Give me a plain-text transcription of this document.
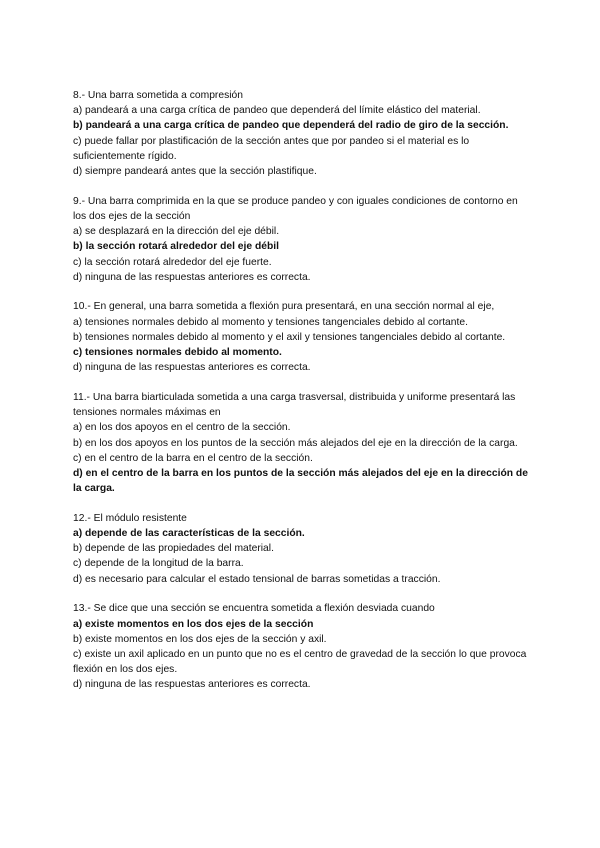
8.- Una barra sometida a compresión
a) pandeará a una carga crítica de pandeo que dependerá del límite elástico del material.
b) pandeará a una carga crítica de pandeo que dependerá del radio de giro de la sección.
c) puede fallar por plastificación de la sección antes que por pandeo si el material es lo suficientemente rígido.
d) siempre pandeará antes que la sección plastifique.
9.- Una barra comprimida en la que se produce pandeo y con iguales condiciones de contorno en los dos ejes de la sección
a) se desplazará en la dirección del eje débil.
b) la sección rotará alrededor del eje débil
c) la sección rotará alrededor del eje fuerte.
d) ninguna de las respuestas anteriores es correcta.
10.- En general, una barra sometida a flexión pura presentará, en una sección normal al eje,
a) tensiones normales debido al momento y tensiones tangenciales debido al cortante.
b) tensiones normales debido al momento y el axil y tensiones tangenciales debido al cortante.
c) tensiones normales debido al momento.
d) ninguna de las respuestas anteriores es correcta.
11.- Una barra biarticulada sometida a una carga trasversal, distribuida y uniforme presentará las tensiones normales máximas en
a) en los dos apoyos en el centro de la sección.
b) en los dos apoyos en los puntos de la sección más alejados del eje en la dirección de la carga.
c) en el centro de la barra en el centro de la sección.
d) en el centro de la barra en los puntos de la sección más alejados del eje en la dirección de la carga.
12.- El módulo resistente
a) depende de las características de la sección.
b) depende de las propiedades del material.
c) depende de la longitud de la barra.
d) es necesario para calcular el estado tensional de barras sometidas a tracción.
13.- Se dice que una sección se encuentra sometida a flexión desviada cuando
a) existe momentos en los dos ejes de la sección
b) existe momentos en los dos ejes de la sección y axil.
c) existe un axil aplicado en un punto que no es el centro de gravedad de la sección lo que provoca flexión en los dos ejes.
d) ninguna de las respuestas anteriores es correcta.
